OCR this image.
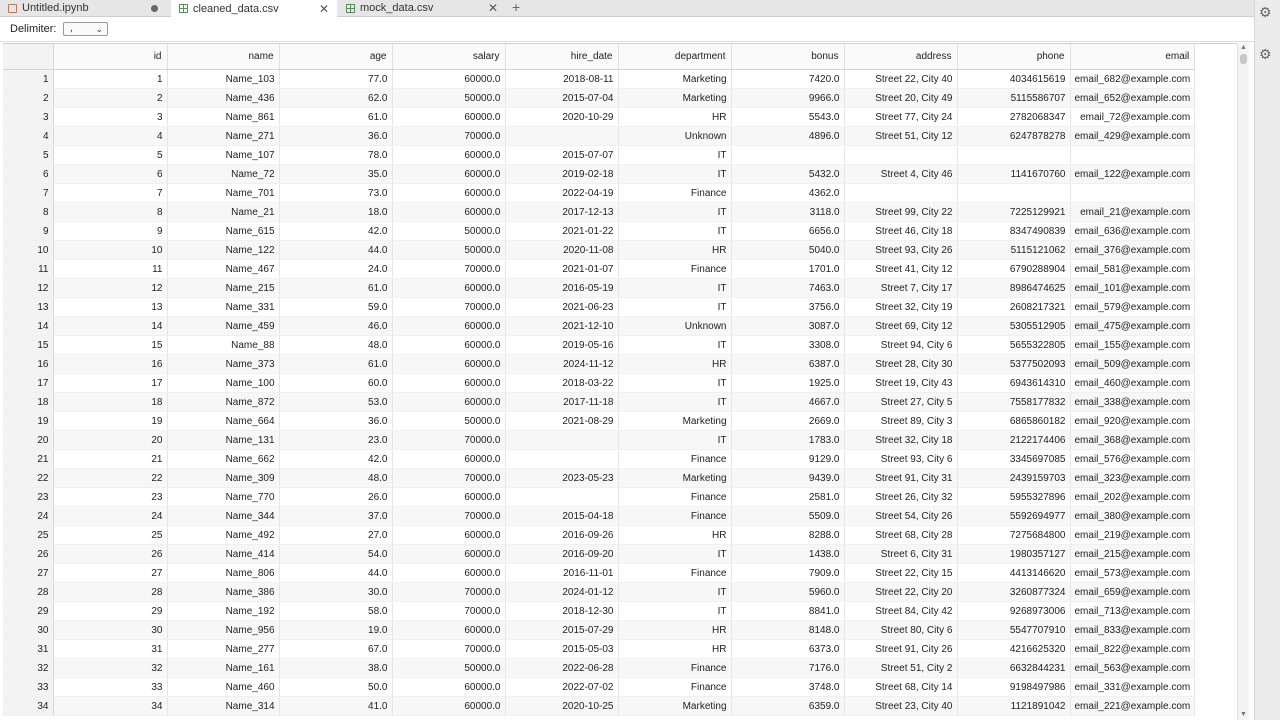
Untitled.ipynb	cleaned_data.csv	✕	mock_data.csv	✕ +	⚙
⚙
Delimiter:	,	⌄
	id	name	age	salary	hire_date	department	bonus	address	phone	email
1	1	Name_103	77.0	60000.0	2018-08-11	Marketing	7420.0	Street 22, City 40	4034615619	email_682@example.com
2	2	Name_436	62.0	50000.0	2015-07-04	Marketing	9966.0	Street 20, City 49	5115586707	email_652@example.com
3	3	Name_861	61.0	60000.0	2020-10-29	HR	5543.0	Street 77, City 24	2782068347	email_72@example.com
4	4	Name_271	36.0	70000.0		Unknown	4896.0	Street 51, City 12	6247878278	email_429@example.com
5	5	Name_107	78.0	60000.0	2015-07-07	IT				
6	6	Name_72	35.0	60000.0	2019-02-18	IT	5432.0	Street 4, City 46	1141670760	email_122@example.com
7	7	Name_701	73.0	60000.0	2022-04-19	Finance	4362.0			
8	8	Name_21	18.0	60000.0	2017-12-13	IT	3118.0	Street 99, City 22	7225129921	email_21@example.com
9	9	Name_615	42.0	50000.0	2021-01-22	IT	6656.0	Street 46, City 18	8347490839	email_636@example.com
10	10	Name_122	44.0	50000.0	2020-11-08	HR	5040.0	Street 93, City 26	5115121062	email_376@example.com
11	11	Name_467	24.0	70000.0	2021-01-07	Finance	1701.0	Street 41, City 12	6790288904	email_581@example.com
12	12	Name_215	61.0	60000.0	2016-05-19	IT	7463.0	Street 7, City 17	8986474625	email_101@example.com
13	13	Name_331	59.0	70000.0	2021-06-23	IT	3756.0	Street 32, City 19	2608217321	email_579@example.com
14	14	Name_459	46.0	60000.0	2021-12-10	Unknown	3087.0	Street 69, City 12	5305512905	email_475@example.com
15	15	Name_88	48.0	60000.0	2019-05-16	IT	3308.0	Street 94, City 6	5655322805	email_155@example.com
16	16	Name_373	61.0	60000.0	2024-11-12	HR	6387.0	Street 28, City 30	5377502093	email_509@example.com
17	17	Name_100	60.0	60000.0	2018-03-22	IT	1925.0	Street 19, City 43	6943614310	email_460@example.com
18	18	Name_872	53.0	60000.0	2017-11-18	IT	4667.0	Street 27, City 5	7558177832	email_338@example.com
19	19	Name_664	36.0	50000.0	2021-08-29	Marketing	2669.0	Street 89, City 3	6865860182	email_920@example.com
20	20	Name_131	23.0	70000.0		IT	1783.0	Street 32, City 18	2122174406	email_368@example.com
21	21	Name_662	42.0	60000.0		Finance	9129.0	Street 93, City 6	3345697085	email_576@example.com
22	22	Name_309	48.0	70000.0	2023-05-23	Marketing	9439.0	Street 91, City 31	2439159703	email_323@example.com
23	23	Name_770	26.0	60000.0		Finance	2581.0	Street 26, City 32	5955327896	email_202@example.com
24	24	Name_344	37.0	70000.0	2015-04-18	Finance	5509.0	Street 54, City 26	5592694977	email_380@example.com
25	25	Name_492	27.0	60000.0	2016-09-26	HR	8288.0	Street 68, City 28	7275684800	email_219@example.com
26	26	Name_414	54.0	60000.0	2016-09-20	IT	1438.0	Street 6, City 31	1980357127	email_215@example.com
27	27	Name_806	44.0	60000.0	2016-11-01	Finance	7909.0	Street 22, City 15	4413146620	email_573@example.com
28	28	Name_386	30.0	70000.0	2024-01-12	IT	5960.0	Street 22, City 20	3260877324	email_659@example.com
29	29	Name_192	58.0	70000.0	2018-12-30	IT	8841.0	Street 84, City 42	9268973006	email_713@example.com
30	30	Name_956	19.0	60000.0	2015-07-29	HR	8148.0	Street 80, City 6	5547707910	email_833@example.com
31	31	Name_277	67.0	70000.0	2015-05-03	HR	6373.0	Street 91, City 26	4216625320	email_822@example.com
32	32	Name_161	38.0	50000.0	2022-06-28	Finance	7176.0	Street 51, City 2	6632844231	email_563@example.com
33	33	Name_460	50.0	60000.0	2022-07-02	Finance	3748.0	Street 68, City 14	9198497986	email_331@example.com
34	34	Name_314	41.0	60000.0	2020-10-25	Marketing	6359.0	Street 23, City 40	1121891042	email_221@example.com
▲
▼
